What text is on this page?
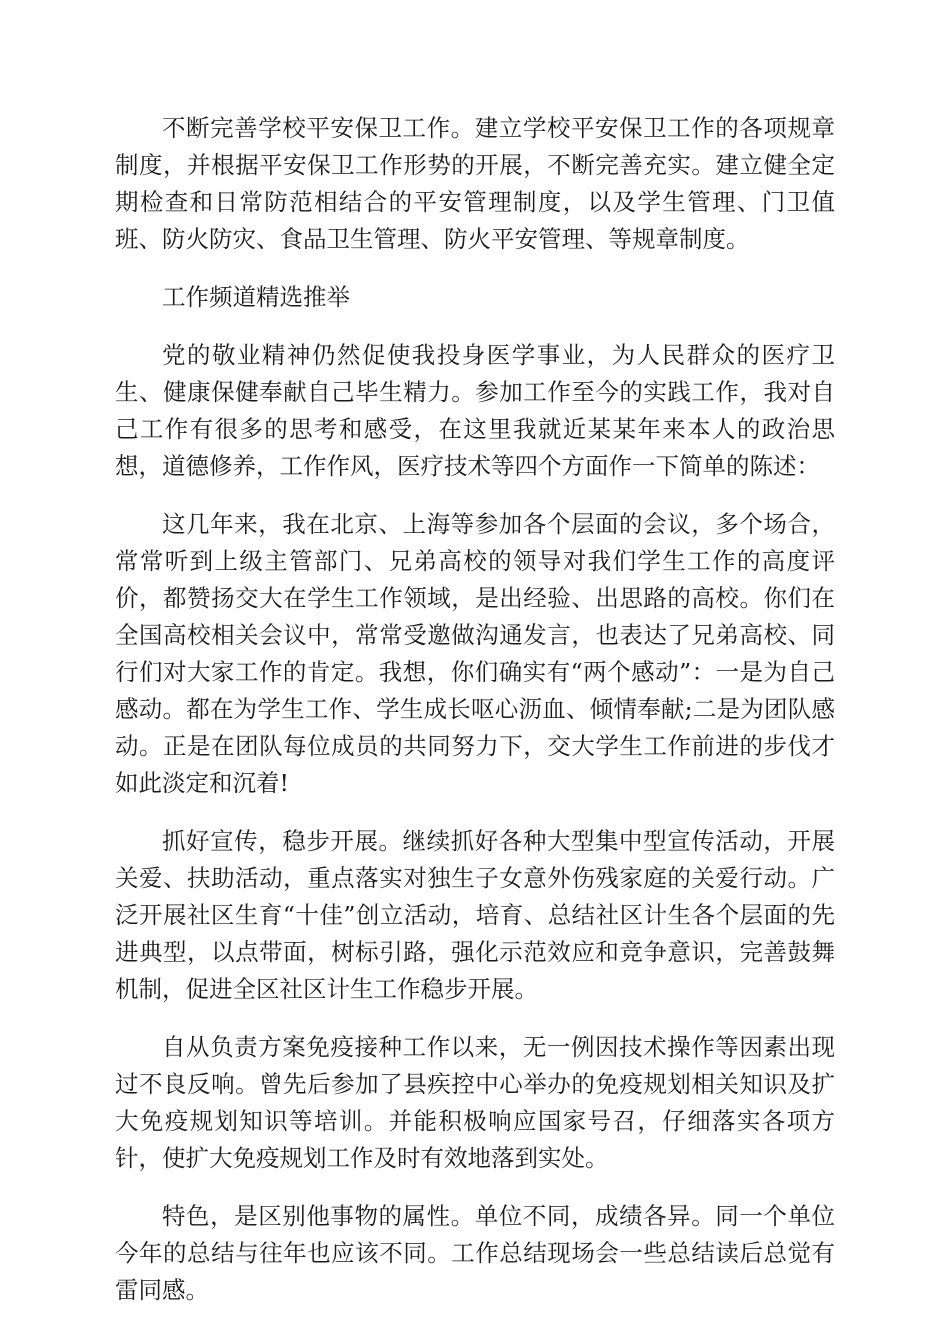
不断完善学校平安保卫工作。建立学校平安保卫工作的各项规章制度，并根据平安保卫工作形势的开展，不断完善充实。建立健全定期检查和日常防范相结合的平安管理制度，以及学生管理、门卫值班、防火防灾、食品卫生管理、防火平安管理、等规章制度。

工作频道精选推举

党的敬业精神仍然促使我投身医学事业，为人民群众的医疗卫生、健康保健奉献自己毕生精力。参加工作至今的实践工作，我对自己工作有很多的思考和感受，在这里我就近某某年来本人的政治思想，道德修养，工作作风，医疗技术等四个方面作一下简单的陈述：

这几年来，我在北京、上海等参加各个层面的会议，多个场合，常常听到上级主管部门、兄弟高校的领导对我们学生工作的高度评价，都赞扬交大在学生工作领域，是出经验、出思路的高校。你们在全国高校相关会议中，常常受邀做沟通发言，也表达了兄弟高校、同行们对大家工作的肯定。我想，你们确实有“两个感动”：一是为自己感动。都在为学生工作、学生成长呕心沥血、倾情奉献;二是为团队感动。正是在团队每位成员的共同努力下，交大学生工作前进的步伐才如此淡定和沉着!

抓好宣传，稳步开展。继续抓好各种大型集中型宣传活动，开展关爱、扶助活动，重点落实对独生子女意外伤残家庭的关爱行动。广泛开展社区生育“十佳”创立活动，培育、总结社区计生各个层面的先进典型，以点带面，树标引路，强化示范效应和竞争意识，完善鼓舞机制，促进全区社区计生工作稳步开展。

自从负责方案免疫接种工作以来，无一例因技术操作等因素出现过不良反响。曾先后参加了县疾控中心举办的免疫规划相关知识及扩大免疫规划知识等培训。并能积极响应国家号召，仔细落实各项方针，使扩大免疫规划工作及时有效地落到实处。

特色，是区别他事物的属性。单位不同，成绩各异。同一个单位今年的总结与往年也应该不同。工作总结现场会一些总结读后总觉有雷同感。
